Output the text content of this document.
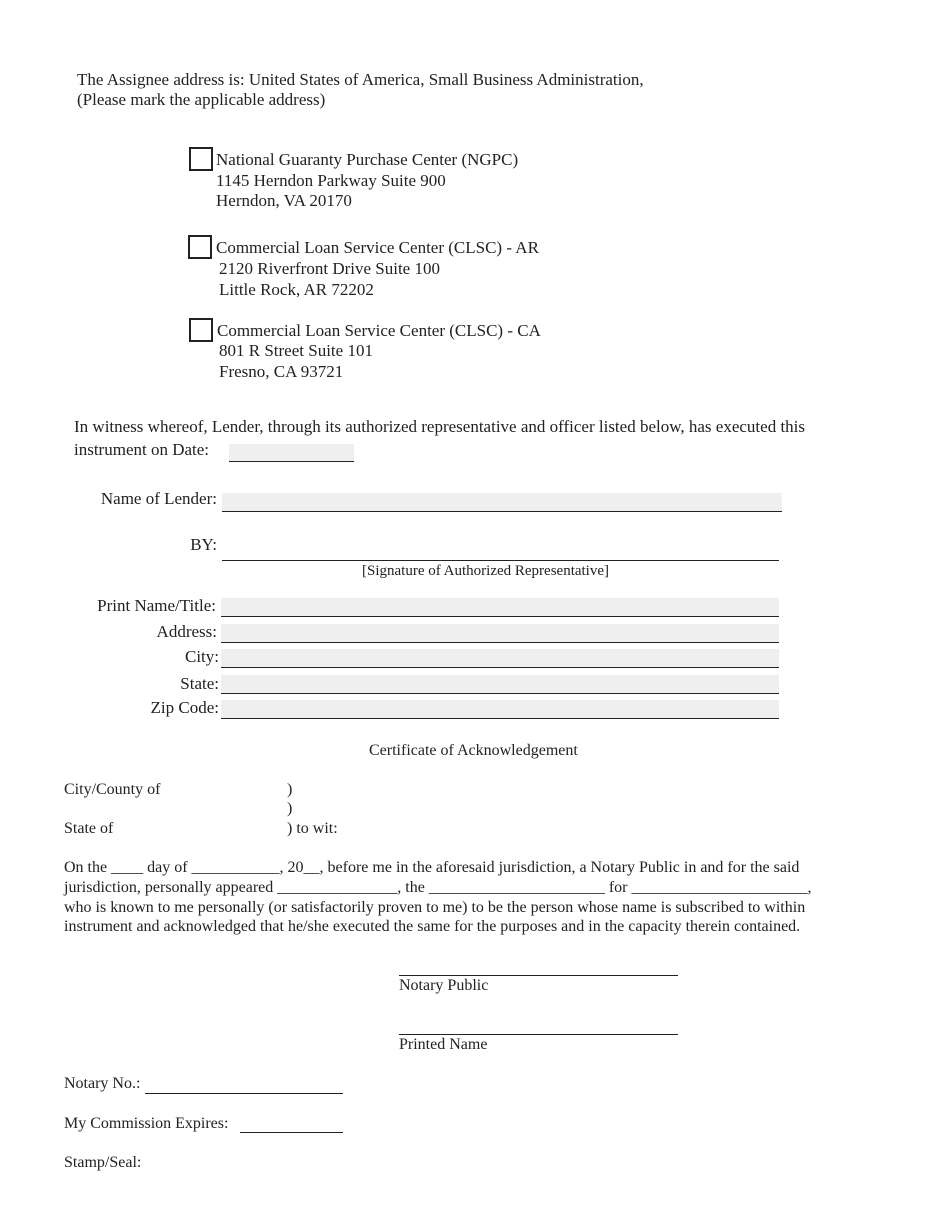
The Assignee address is: United States of America, Small Business Administration,
(Please mark the applicable address)
National Guaranty Purchase Center (NGPC)
1145 Herndon Parkway Suite 900
Herndon, VA 20170
Commercial Loan Service Center (CLSC) - AR
2120 Riverfront Drive Suite 100
Little Rock, AR 72202
Commercial Loan Service Center (CLSC) - CA
801 R Street Suite 101
Fresno, CA 93721
In witness whereof, Lender, through its authorized representative and officer listed below, has executed this
instrument on Date:
Name of Lender:
BY:
[Signature of Authorized Representative]
Print Name/Title:
Address:
City:
State:
Zip Code:
Certificate of Acknowledgement
City/County of	)
)
State of	) to wit:
On the ____ day of ___________, 20__, before me in the aforesaid jurisdiction, a Notary Public in and for the said
jurisdiction, personally appeared _______________, the ______________________ for ______________________,
who is known to me personally (or satisfactorily proven to me) to be the person whose name is subscribed to within
instrument and acknowledged that he/she executed the same for the purposes and in the capacity therein contained.
Notary Public
Printed Name
Notary No.:
My Commission Expires:
Stamp/Seal:
